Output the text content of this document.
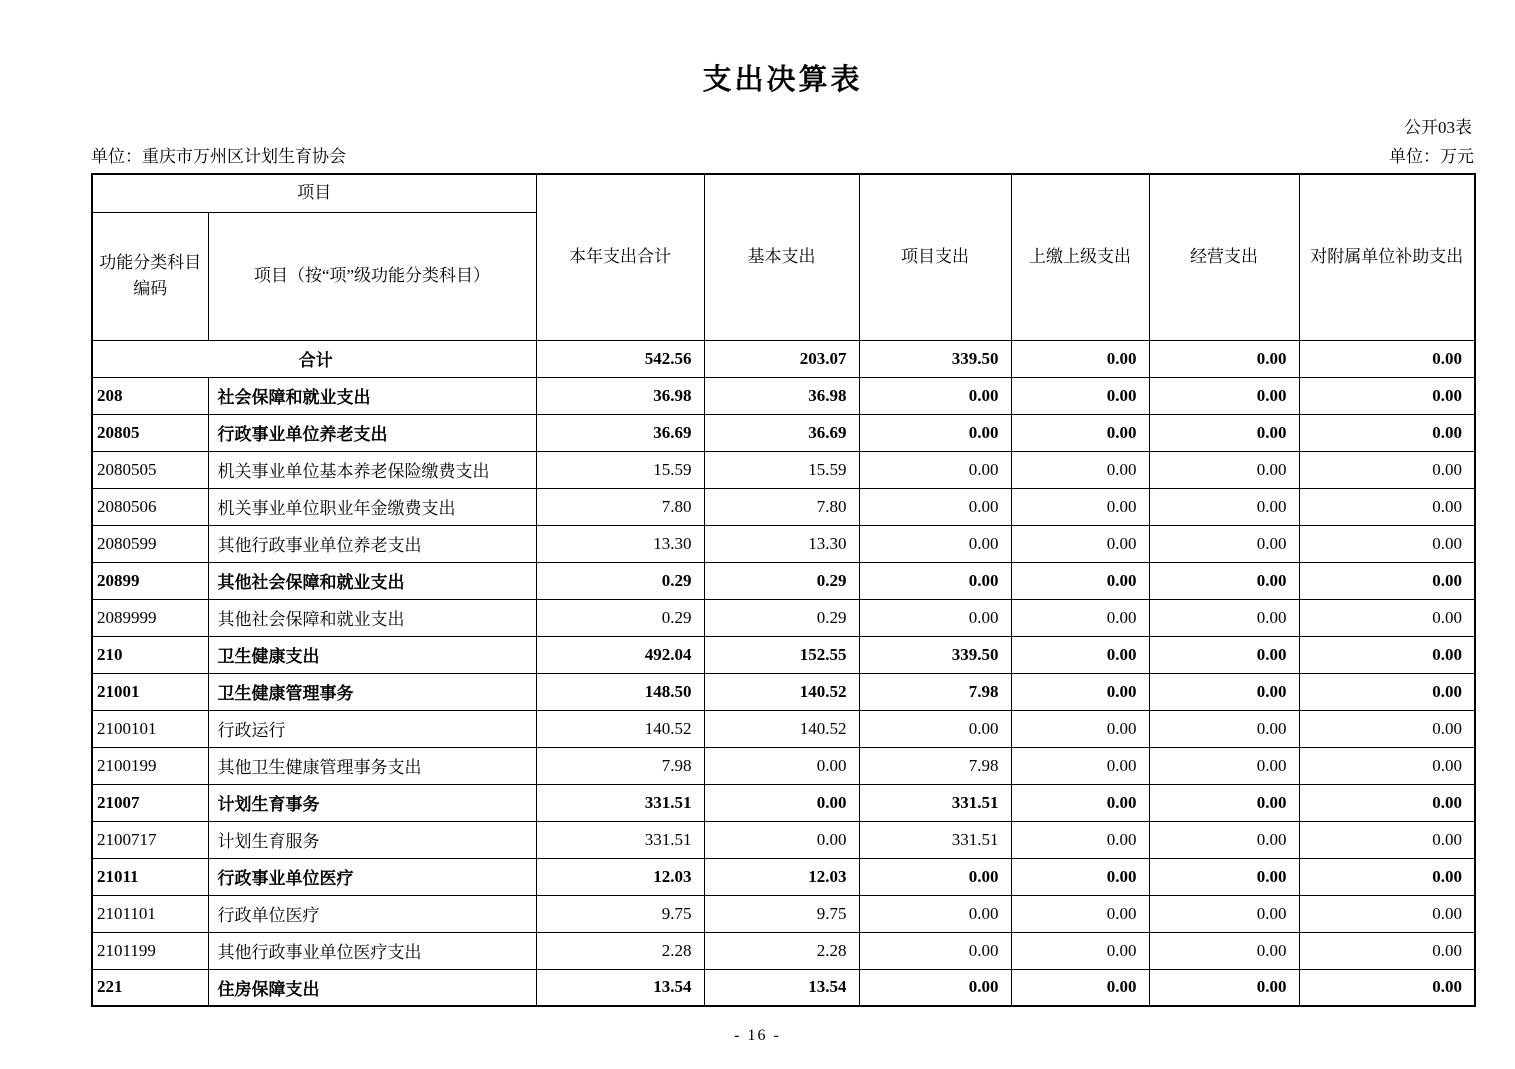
支出决算表
公开03表
单位：重庆市万州区计划生育协会	单位：万元
项目		本年支出合计	基本支出	项目支出	上缴上级支出	经营支出	对附属单位补助支出
功能分类科目编码	项目（按“项”级功能分类科目）						
合计		542.56	203.07	339.50	0.00	0.00	0.00
208	社会保障和就业支出	36.98	36.98	0.00	0.00	0.00	0.00
20805	行政事业单位养老支出	36.69	36.69	0.00	0.00	0.00	0.00
2080505	机关事业单位基本养老保险缴费支出	15.59	15.59	0.00	0.00	0.00	0.00
2080506	机关事业单位职业年金缴费支出	7.80	7.80	0.00	0.00	0.00	0.00
2080599	其他行政事业单位养老支出	13.30	13.30	0.00	0.00	0.00	0.00
20899	其他社会保障和就业支出	0.29	0.29	0.00	0.00	0.00	0.00
2089999	其他社会保障和就业支出	0.29	0.29	0.00	0.00	0.00	0.00
210	卫生健康支出	492.04	152.55	339.50	0.00	0.00	0.00
21001	卫生健康管理事务	148.50	140.52	7.98	0.00	0.00	0.00
2100101	行政运行	140.52	140.52	0.00	0.00	0.00	0.00
2100199	其他卫生健康管理事务支出	7.98	0.00	7.98	0.00	0.00	0.00
21007	计划生育事务	331.51	0.00	331.51	0.00	0.00	0.00
2100717	计划生育服务	331.51	0.00	331.51	0.00	0.00	0.00
21011	行政事业单位医疗	12.03	12.03	0.00	0.00	0.00	0.00
2101101	行政单位医疗	9.75	9.75	0.00	0.00	0.00	0.00
2101199	其他行政事业单位医疗支出	2.28	2.28	0.00	0.00	0.00	0.00
221	住房保障支出	13.54	13.54	0.00	0.00	0.00	0.00
- 16 -
